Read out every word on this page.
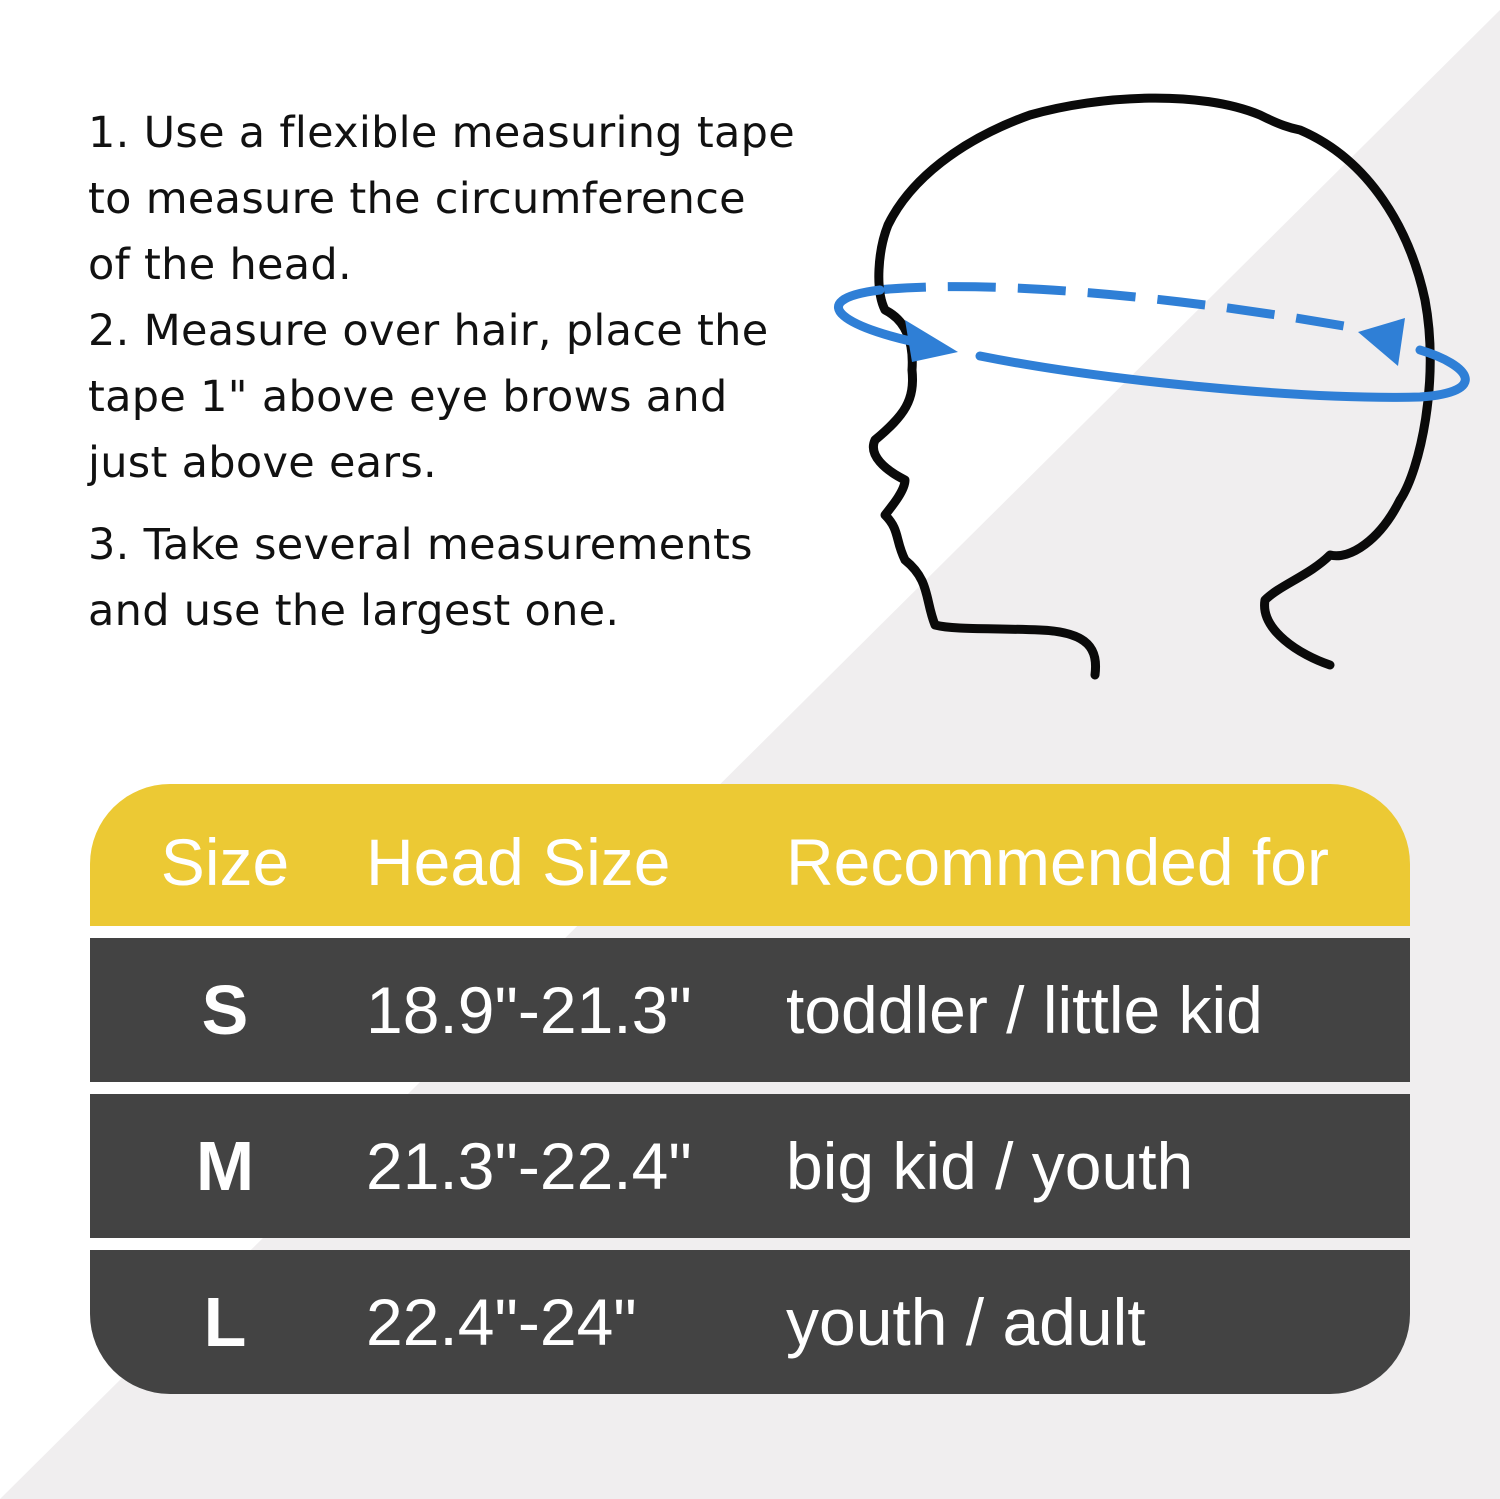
1. Use a flexible measuring tape
to measure the circumference
of the head.

2. Measure over hair, place the
tape 1" above eye brows and
just above ears.

3. Take several measurements
and use the largest one.

Size	Head Size	Recommended for
S	18.9"-21.3"	toddler / little kid
M	21.3"-22.4"	big kid / youth
L	22.4"-24"	youth / adult
